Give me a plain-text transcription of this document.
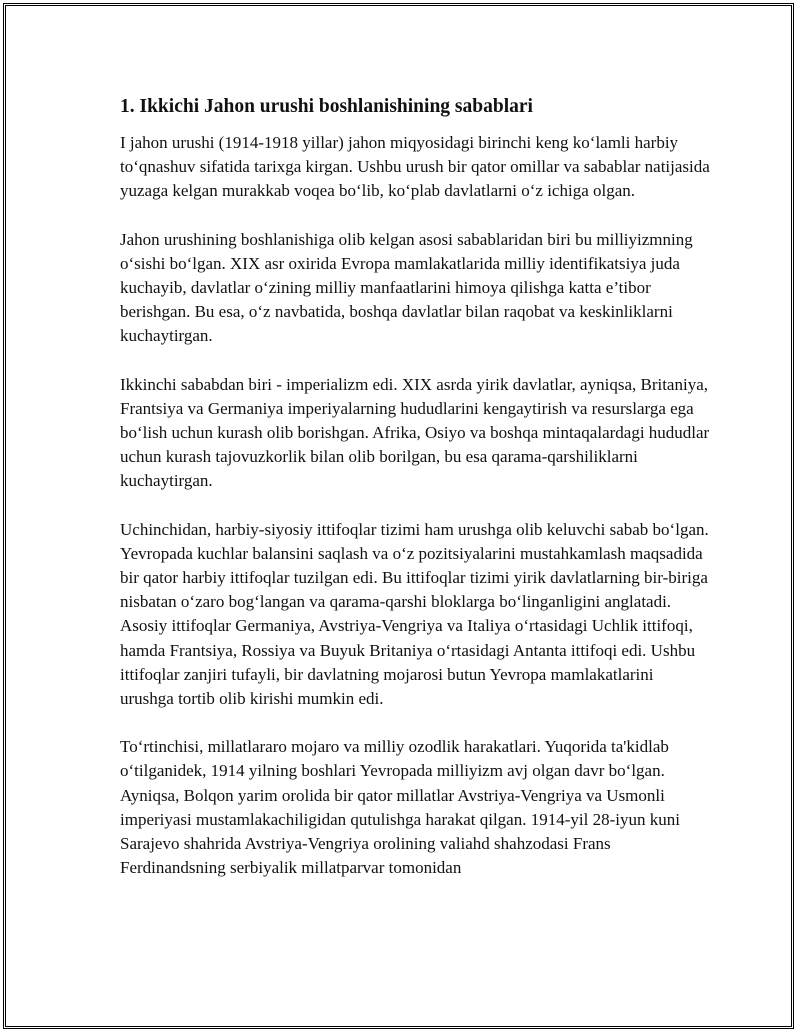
1. Ikkichi Jahon urushi boshlanishining sabablari

I jahon urushi (1914-1918 yillar) jahon miqyosidagi birinchi keng ko‘lamli harbiy to‘qnashuv sifatida tarixga kirgan. Ushbu urush bir qator omillar va sabablar natijasida yuzaga kelgan murakkab voqea bo‘lib, ko‘plab davlatlarni o‘z ichiga olgan.

Jahon urushining boshlanishiga olib kelgan asosi sabablaridan biri bu milliyizmning o‘sishi bo‘lgan. XIX asr oxirida Evropa mamlakatlarida milliy identifikatsiya juda kuchayib, davlatlar o‘zining milliy manfaatlarini himoya qilishga katta e’tibor berishgan. Bu esa, o‘z navbatida, boshqa davlatlar bilan raqobat va keskinliklarni kuchaytirgan.

Ikkinchi sababdan biri - imperializm edi. XIX asrda yirik davlatlar, ayniqsa, Britaniya, Frantsiya va Germaniya imperiyalarning hududlarini kengaytirish va resurslarga ega bo‘lish uchun kurash olib borishgan. Afrika, Osiyo va boshqa mintaqalardagi hududlar uchun kurash tajovuzkorlik bilan olib borilgan, bu esa qarama-qarshiliklarni kuchaytirgan.

Uchinchidan, harbiy-siyosiy ittifoqlar tizimi ham urushga olib keluvchi sabab bo‘lgan. Yevropada kuchlar balansini saqlash va o‘z pozitsiyalarini mustahkamlash maqsadida bir qator harbiy ittifoqlar tuzilgan edi. Bu ittifoqlar tizimi yirik davlatlarning bir-biriga nisbatan o‘zaro bog‘langan va qarama-qarshi bloklarga bo‘linganligini anglatadi. Asosiy ittifoqlar Germaniya, Avstriya-Vengriya va Italiya o‘rtasidagi Uchlik ittifoqi, hamda Frantsiya, Rossiya va Buyuk Britaniya o‘rtasidagi Antanta ittifoqi edi. Ushbu ittifoqlar zanjiri tufayli, bir davlatning mojarosi butun Yevropa mamlakatlarini urushga tortib olib kirishi mumkin edi.

To‘rtinchisi, millatlararo mojaro va milliy ozodlik harakatlari. Yuqorida ta'kidlab o‘tilganidek, 1914 yilning boshlari Yevropada milliyizm avj olgan davr bo‘lgan. Ayniqsa, Bolqon yarim orolida bir qator millatlar Avstriya-Vengriya va Usmonli imperiyasi mustamlakachiligidan qutulishga harakat qilgan. 1914-yil 28-iyun kuni Sarajevo shahrida Avstriya-Vengriya orolining valiahd shahzodasi Frans Ferdinandsning serbiyalik millatparvar tomonidan
